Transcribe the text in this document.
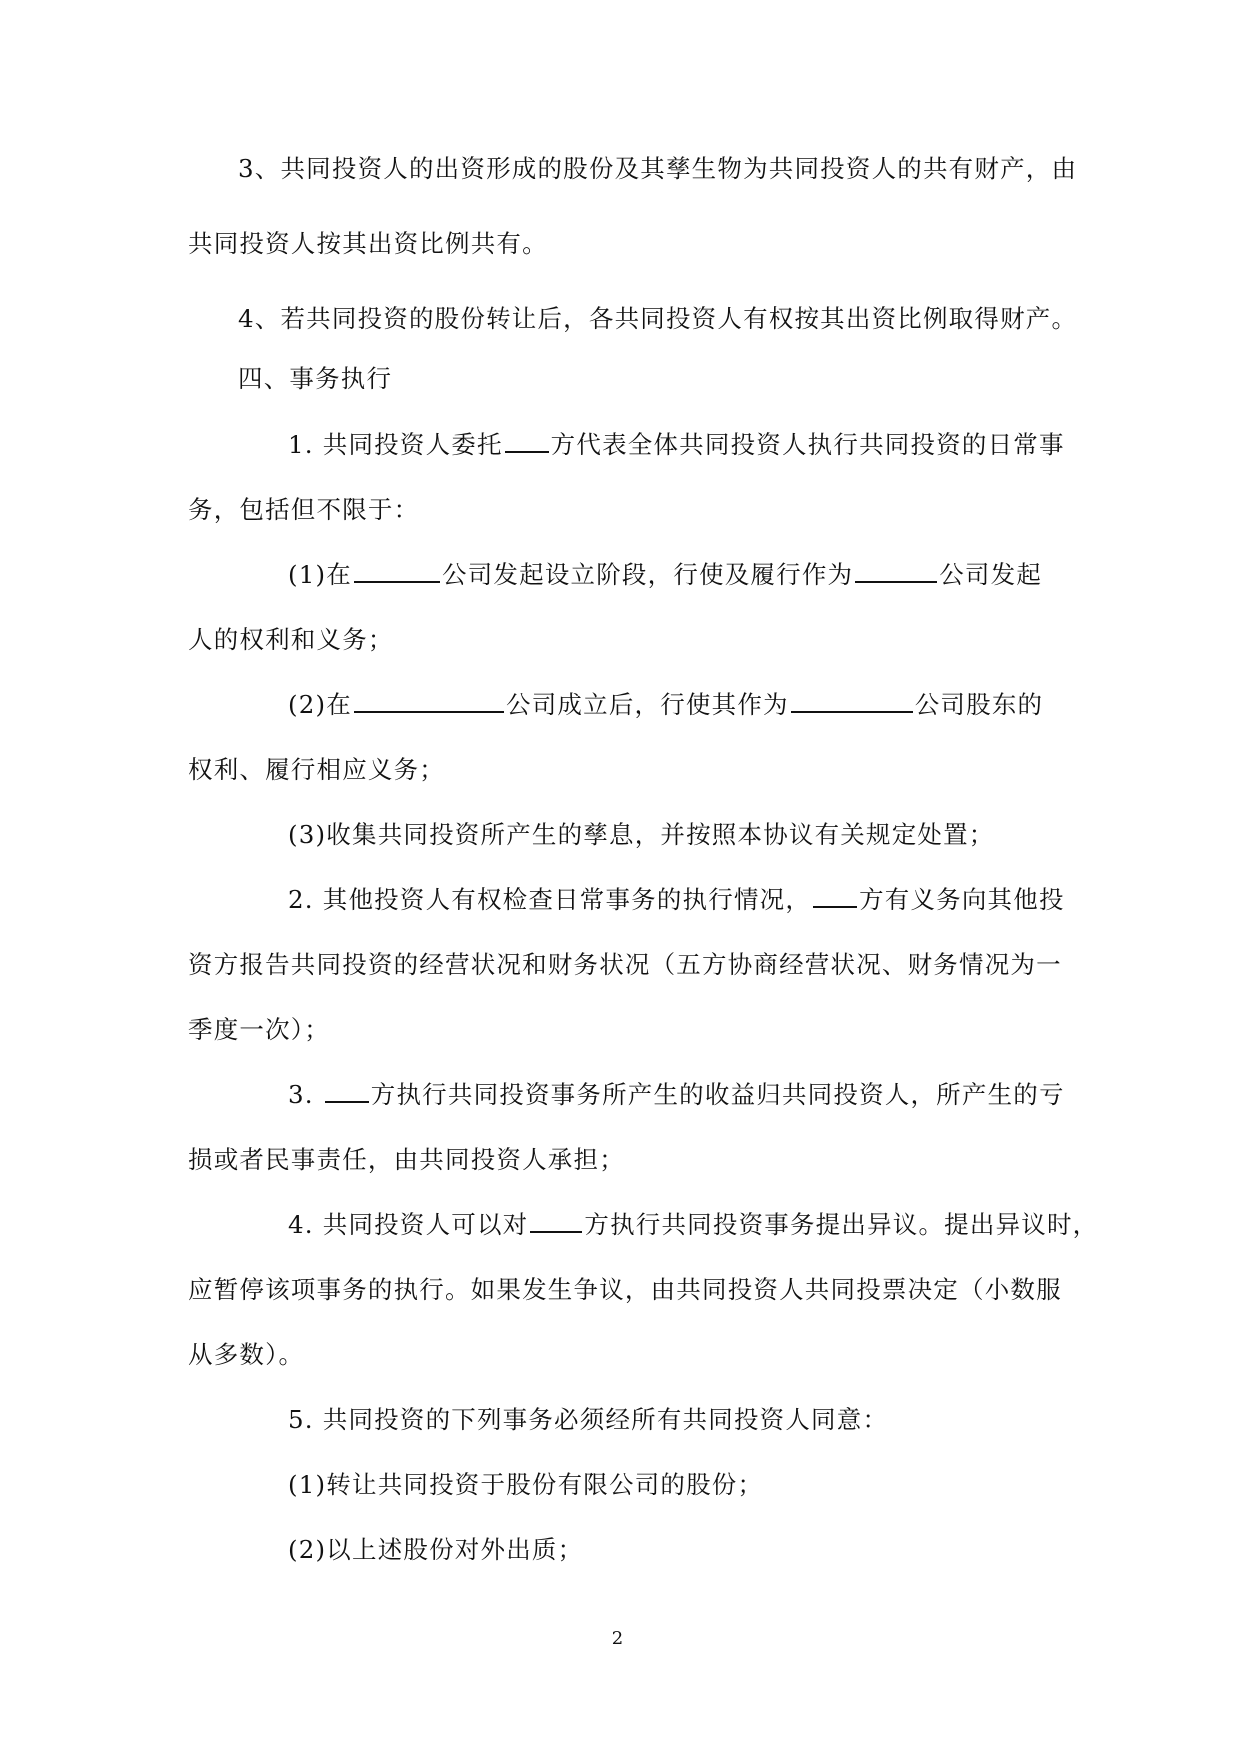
3、共同投资人的出资形成的股份及其孳生物为共同投资人的共有财产，由
共同投资人按其出资比例共有。
4、若共同投资的股份转让后，各共同投资人有权按其出资比例取得财产。
四、事务执行
1. 共同投资人委托 方代表全体共同投资人执行共同投资的日常事
务，包括但不限于：
(1)在	公司发起设立阶段，行使及履行作为	公司发起
人的权利和义务；
(2)在	公司成立后，行使其作为	公司股东的
权利、履行相应义务；
(3)收集共同投资所产生的孳息，并按照本协议有关规定处置；
2. 其他投资人有权检查日常事务的执行情况， 方有义务向其他投
资方报告共同投资的经营状况和财务状况（五方协商经营状况、财务情况为一
季度一次）；
3. 方执行共同投资事务所产生的收益归共同投资人，所产生的亏
损或者民事责任，由共同投资人承担；
4. 共同投资人可以对 方执行共同投资事务提出异议。提出异议时，
应暂停该项事务的执行。如果发生争议，由共同投资人共同投票决定（小数服
从多数）。
5. 共同投资的下列事务必须经所有共同投资人同意：
(1)转让共同投资于股份有限公司的股份；
(2)以上述股份对外出质；
2
